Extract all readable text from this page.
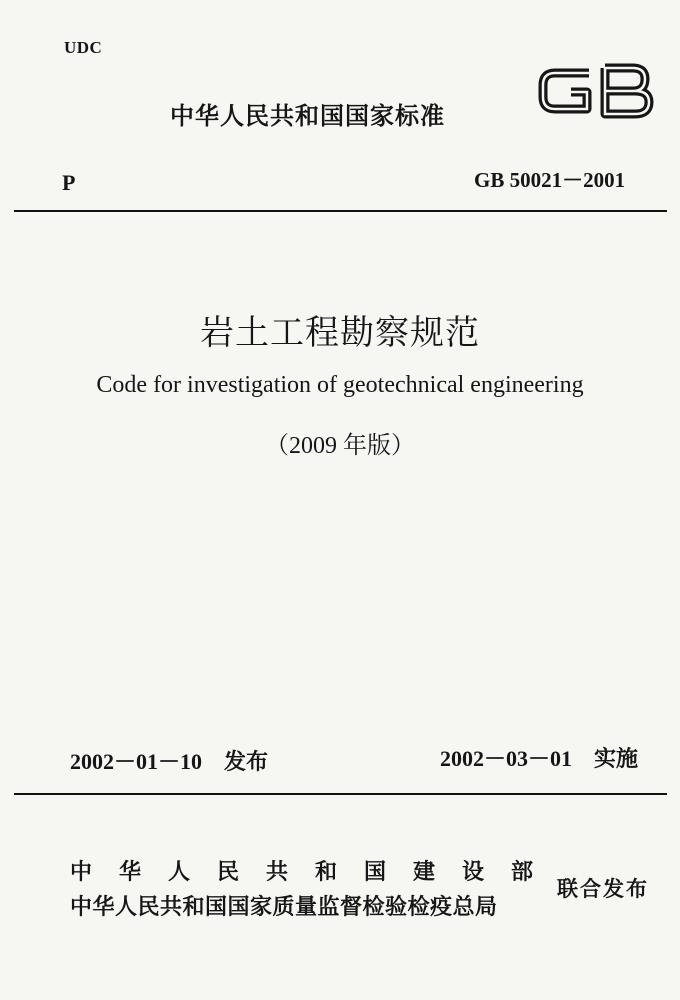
UDC
中华人民共和国国家标准
P	GB 50021－2001
岩土工程勘察规范
Code for investigation of geotechnical engineering
（2009 年版）
2002－01－10 发布	2002－03－01 实施
中华人民共和国建设部
中华人民共和国国家质量监督检验检疫总局
联合发布
